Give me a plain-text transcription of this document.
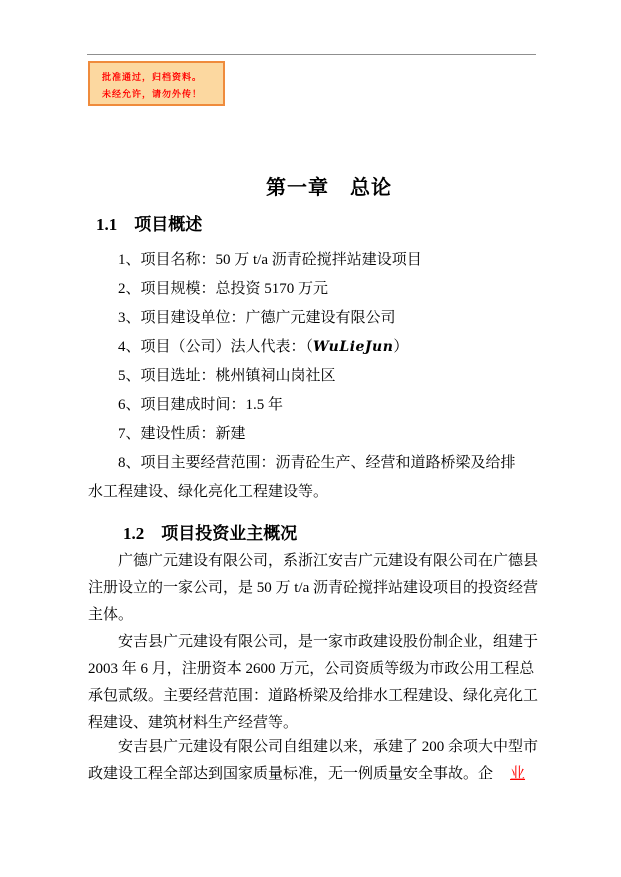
批准通过，归档资料。
未经允许，请勿外传！
第一章　总论
1.1　项目概述
1、项目名称：50 万 t/a 沥青砼搅拌站建设项目
2、项目规模：总投资 5170 万元
3、项目建设单位：广德广元建设有限公司
4、项目（公司）法人代表：（WuLieJun）
5、项目选址：桃州镇祠山岗社区
6、项目建成时间：1.5 年
7、建设性质：新建
8、项目主要经营范围：沥青砼生产、经营和道路桥梁及给排
水工程建设、绿化亮化工程建设等。
1.2　项目投资业主概况
广德广元建设有限公司，系浙江安吉广元建设有限公司在广德县
注册设立的一家公司，是 50 万 t/a 沥青砼搅拌站建设项目的投资经营
主体。
安吉县广元建设有限公司，是一家市政建设股份制企业，组建于
2003 年 6 月，注册资本 2600 万元，公司资质等级为市政公用工程总
承包贰级。主要经营范围：道路桥梁及给排水工程建设、绿化亮化工
程建设、建筑材料生产经营等。
安吉县广元建设有限公司自组建以来，承建了 200 余项大中型市
政建设工程全部达到国家质量标准，无一例质量安全事故。企 业
